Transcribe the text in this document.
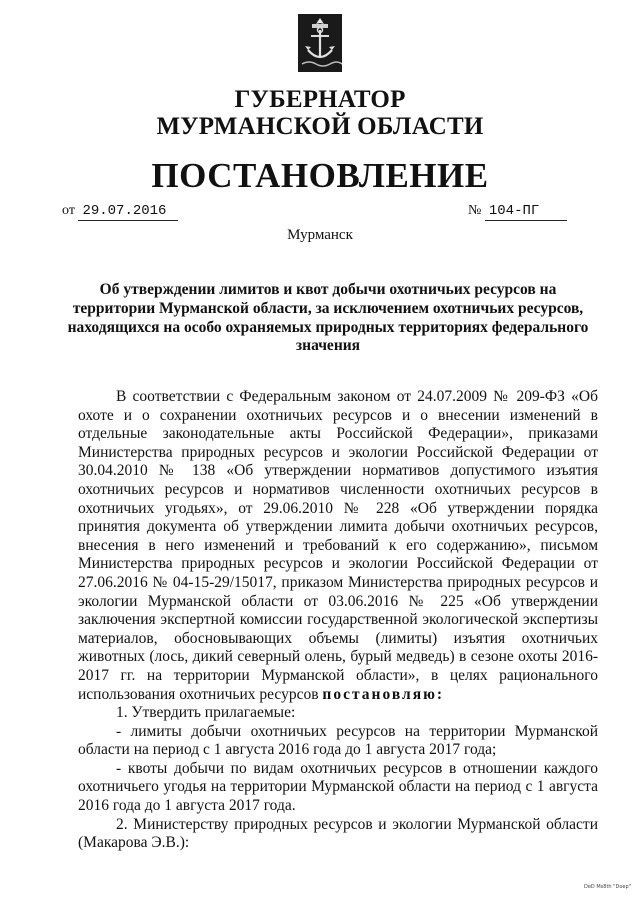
ГУБЕРНАТОР
МУРМАНСКОЙ ОБЛАСТИ
ПОСТАНОВЛЕНИЕ
от 29.07.2016	№ 104-ПГ
Мурманск
Об утверждении лимитов и квот добычи охотничьих ресурсов на территории Мурманской области, за исключением охотничьих ресурсов, находящихся на особо охраняемых природных территориях федерального значения

В соответствии с Федеральным законом от 24.07.2009 № 209-ФЗ «Об охоте и о сохранении охотничьих ресурсов и о внесении изменений в отдельные законодательные акты Российской Федерации», приказами Министерства природных ресурсов и экологии Российской Федерации от 30.04.2010 № 138 «Об утверждении нормативов допустимого изъятия охотничьих ресурсов и нормативов численности охотничьих ресурсов в охотничьих угодьях», от 29.06.2010 № 228 «Об утверждении порядка принятия документа об утверждении лимита добычи охотничьих ресурсов, внесения в него изменений и требований к его содержанию», письмом Министерства природных ресурсов и экологии Российской Федерации от 27.06.2016 № 04-15-29/15017, приказом Министерства природных ресурсов и экологии Мурманской области от 03.06.2016 № 225 «Об утверждении заключения экспертной комиссии государственной экологической экспертизы материалов, обосновывающих объемы (лимиты) изъятия охотничьих животных (лось, дикий северный олень, бурый медведь) в сезоне охоты 2016-2017 гг. на территории Мурманской области», в целях рационального использования охотничьих ресурсов постановляю:

1. Утвердить прилагаемые:

- лимиты добычи охотничьих ресурсов на территории Мурманской области на период с 1 августа 2016 года до 1 августа 2017 года;

- квоты добычи по видам охотничьих ресурсов в отношении каждого охотничьего угодья на территории Мурманской области на период с 1 августа 2016 года до 1 августа 2017 года.

2. Министерству природных ресурсов и экологии Мурманской области (Макарова Э.В.):

DeD Ms8th "Doep"
